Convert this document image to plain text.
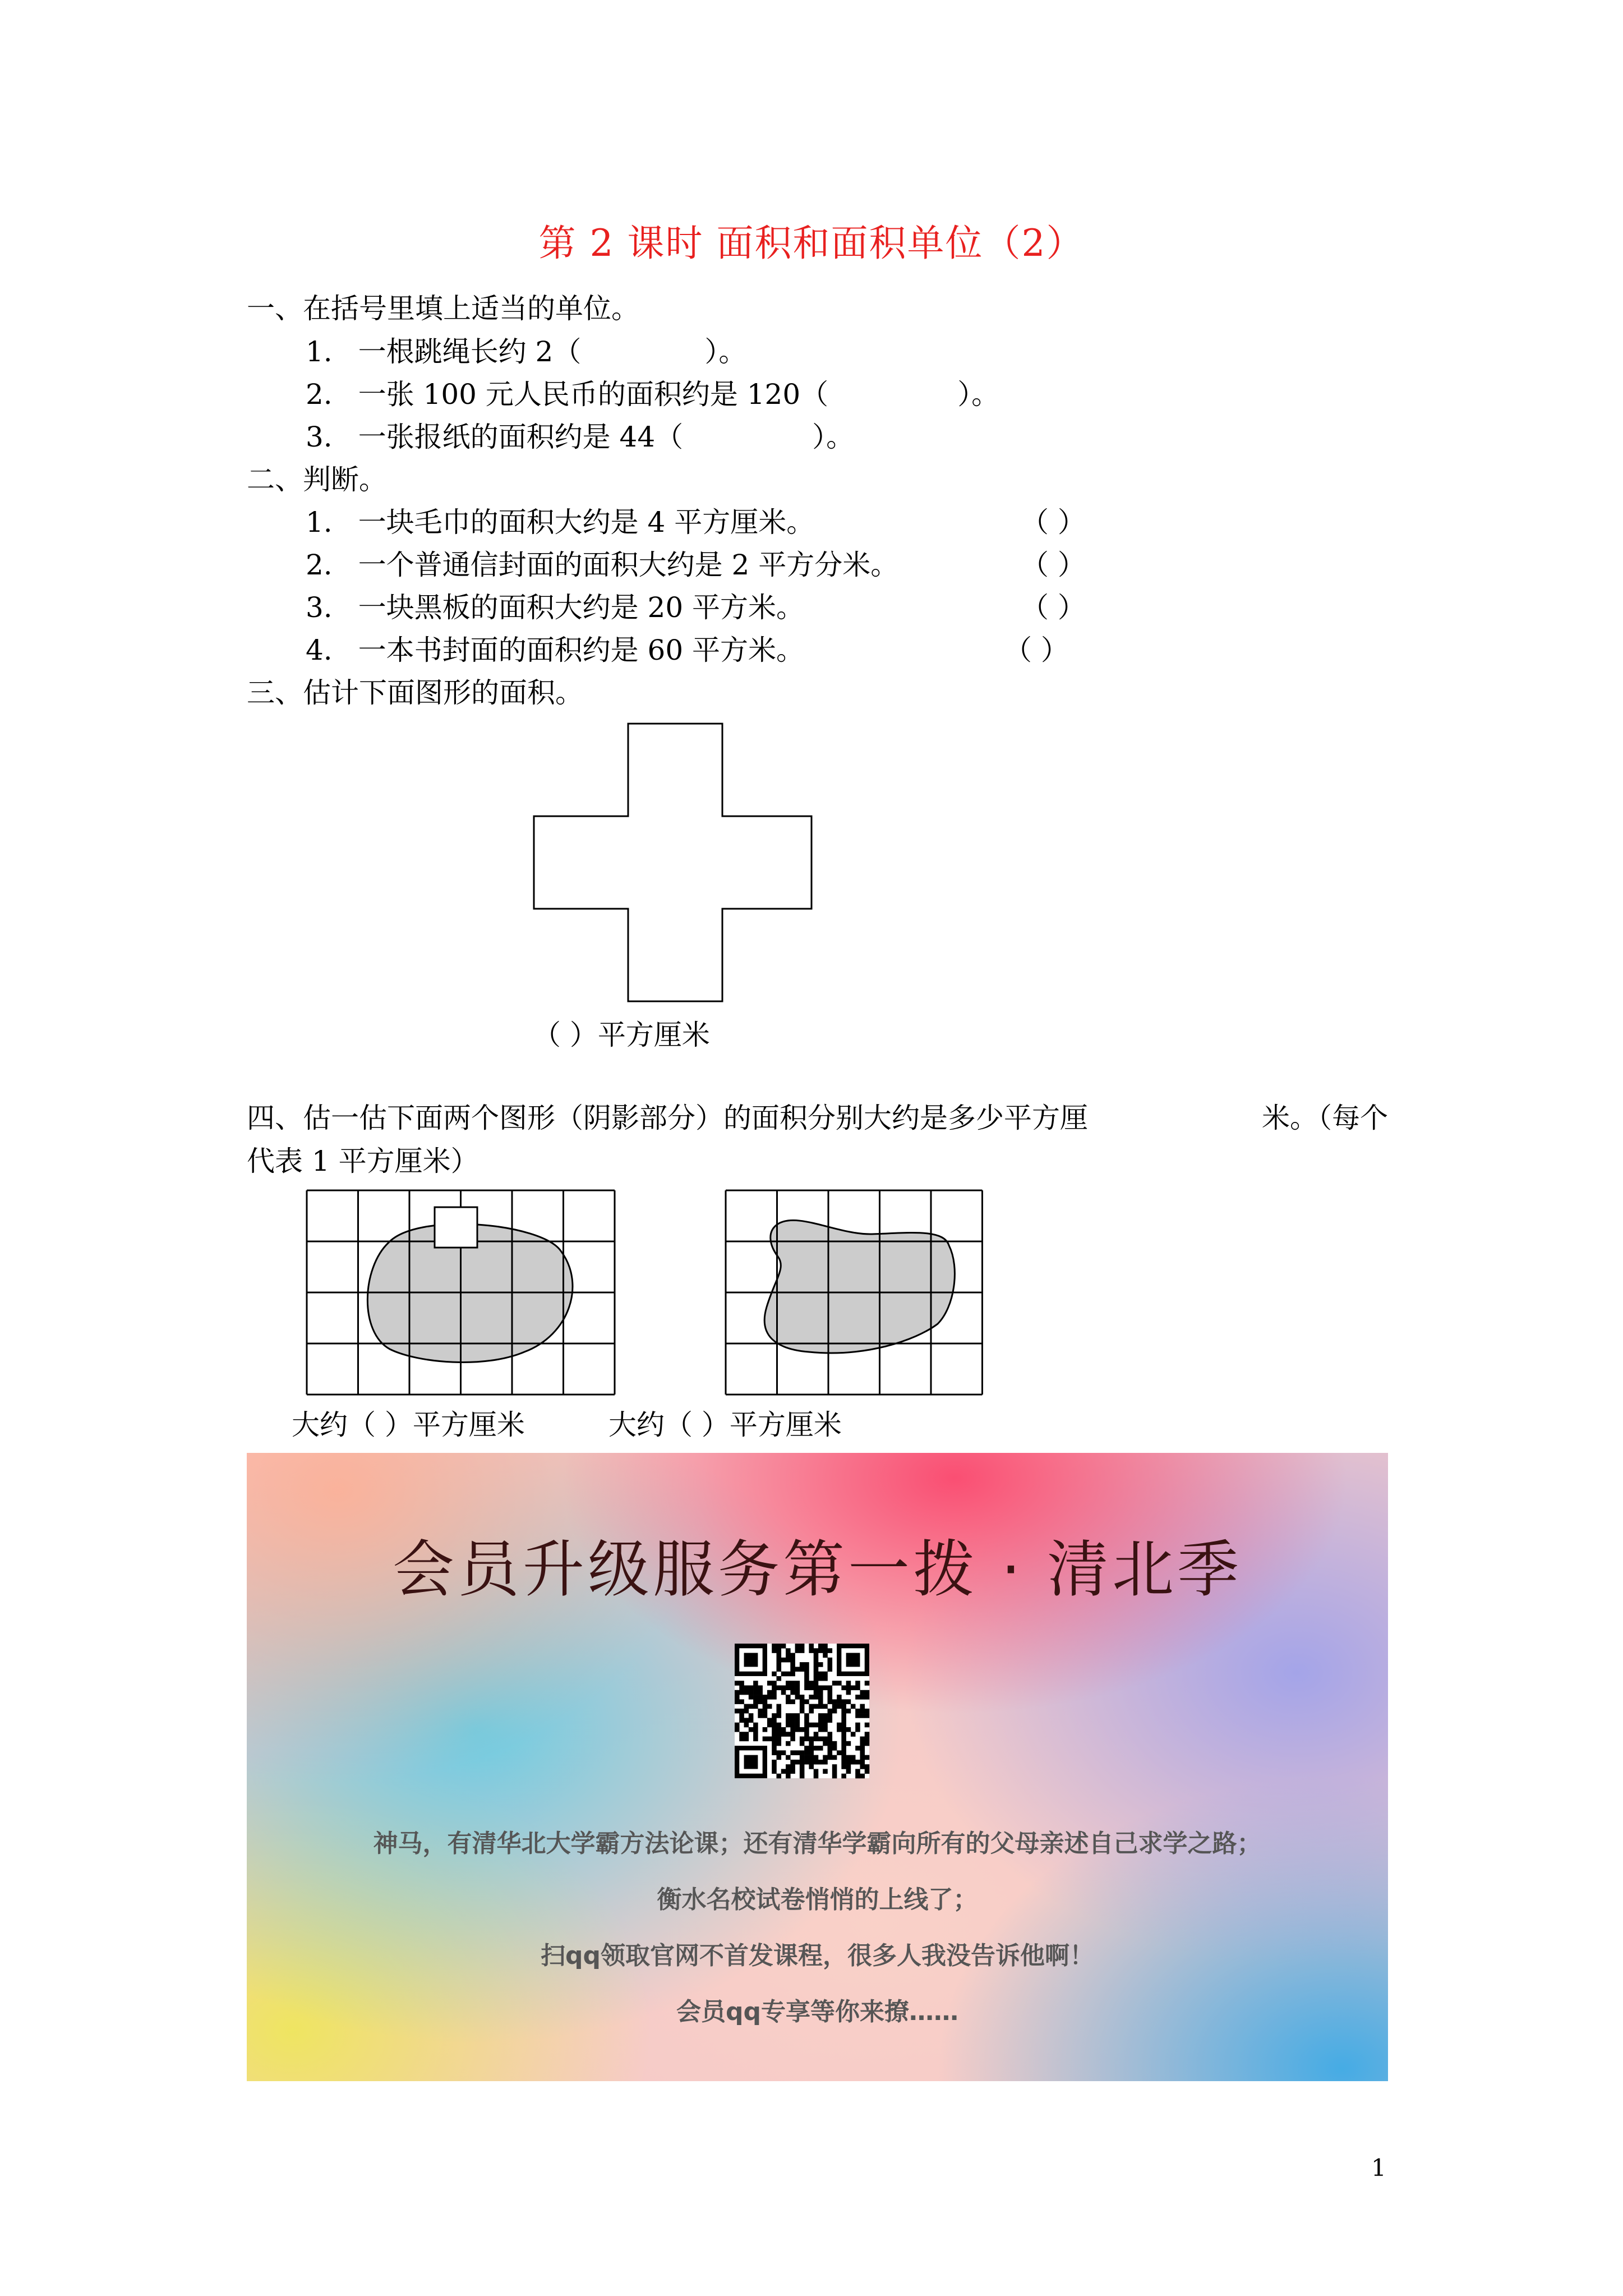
第 2 课时 面积和面积单位（2）
一、在括号里填上适当的单位。
1. 一根跳绳长约 2（	）。
2. 一张 100 元人民币的面积约是 120（	）。
3. 一张报纸的面积约是 44（	）。
二、判断。
1. 一块毛巾的面积大约是 4 平方厘米。	（ ）
2. 一个普通信封面的面积大约是 2 平方分米。	（ ）
3. 一块黑板的面积大约是 20 平方米。	（ ）
4. 一本书封面的面积约是 60 平方米。	（ ）
三、估计下面图形的面积。
（ ）平方厘米
四、估一估下面两个图形（阴影部分）的面积分别大约是多少平方厘	米。（每个
代表 1 平方厘米）
大约（ ）平方厘米	大约（ ）平方厘米
会员升级服务第一拨 · 清北季
神马，有清华北大学霸方法论课；还有清华学霸向所有的父母亲述自己求学之路；
衡水名校试卷悄悄的上线了；
扫qq领取官网不首发课程，很多人我没告诉他啊！
会员qq专享等你来撩……
1
